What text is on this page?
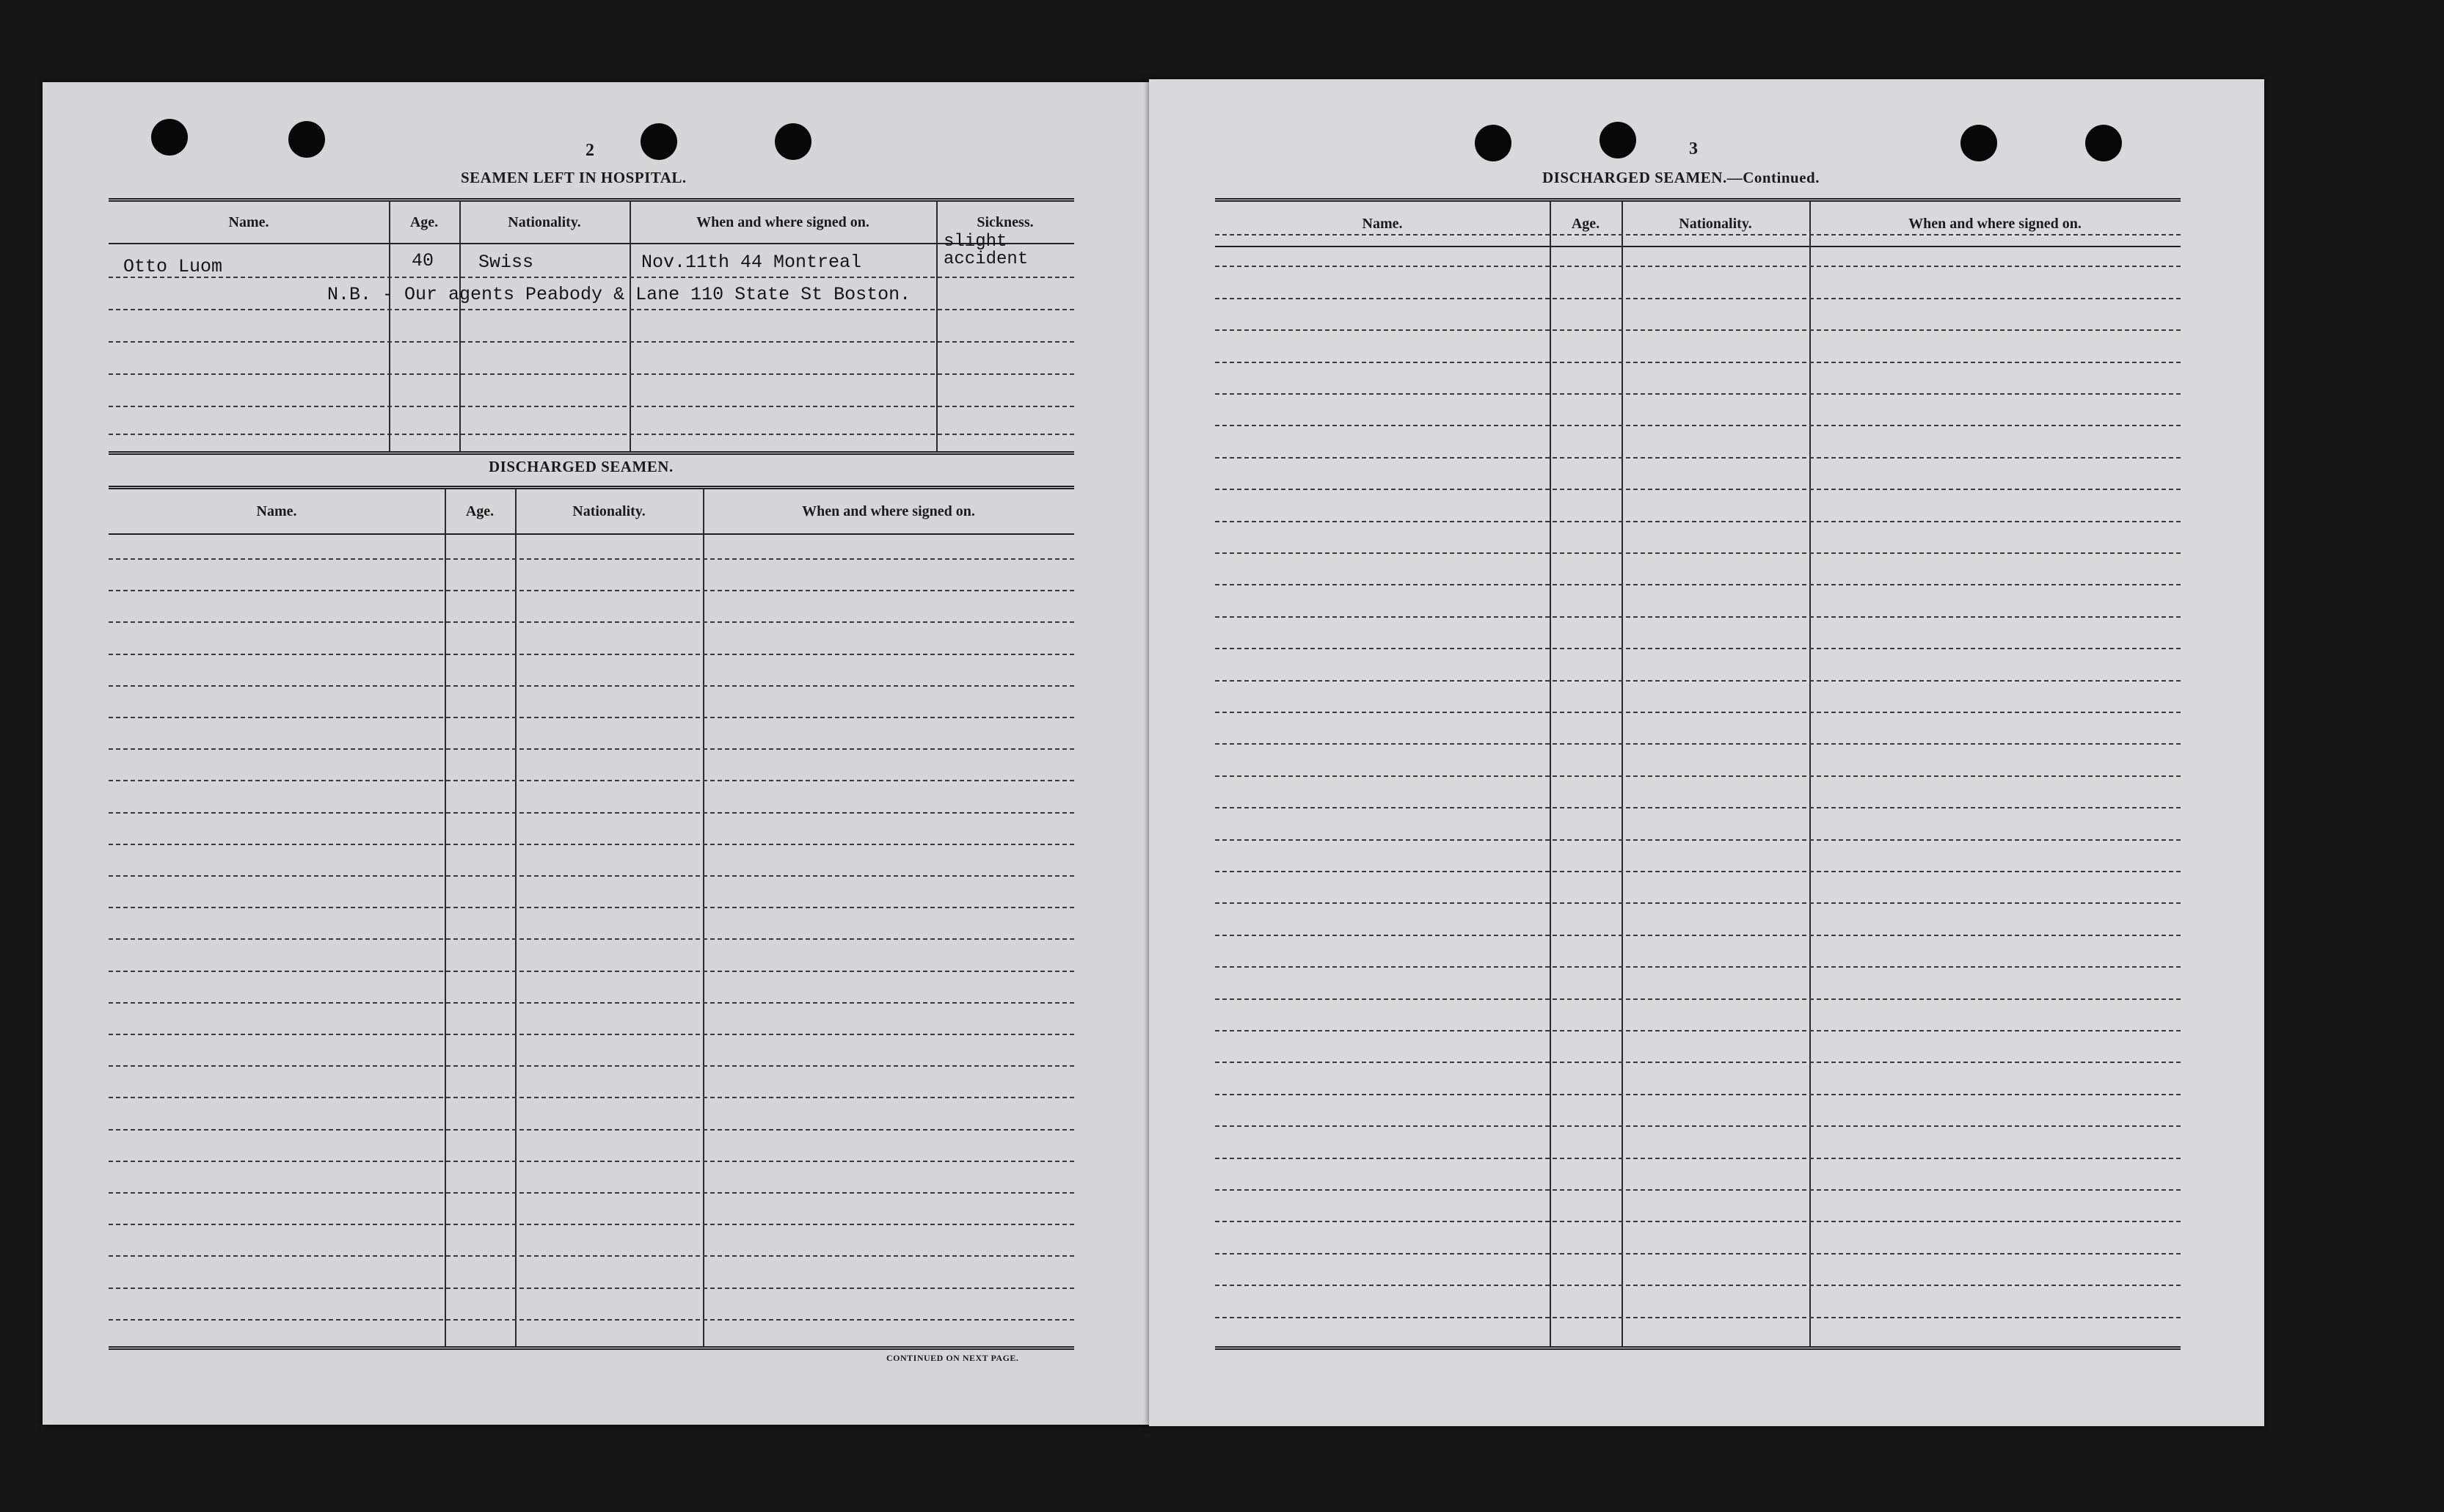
2
SEAMEN LEFT IN HOSPITAL.
Name.	Age.	Nationality.	When and where signed on.	Sickness.
Otto Luom	40 Swiss	Nov.11th 44 Montreal
slight
accident
N.B. - Our agents Peabody & Lane 110 State St Boston.
DISCHARGED SEAMEN.
Name.	Age.	Nationality.	When and where signed on.
CONTINUED ON NEXT PAGE.
3
DISCHARGED SEAMEN.—Continued.
Name.	Age.	Nationality.	When and where signed on.
